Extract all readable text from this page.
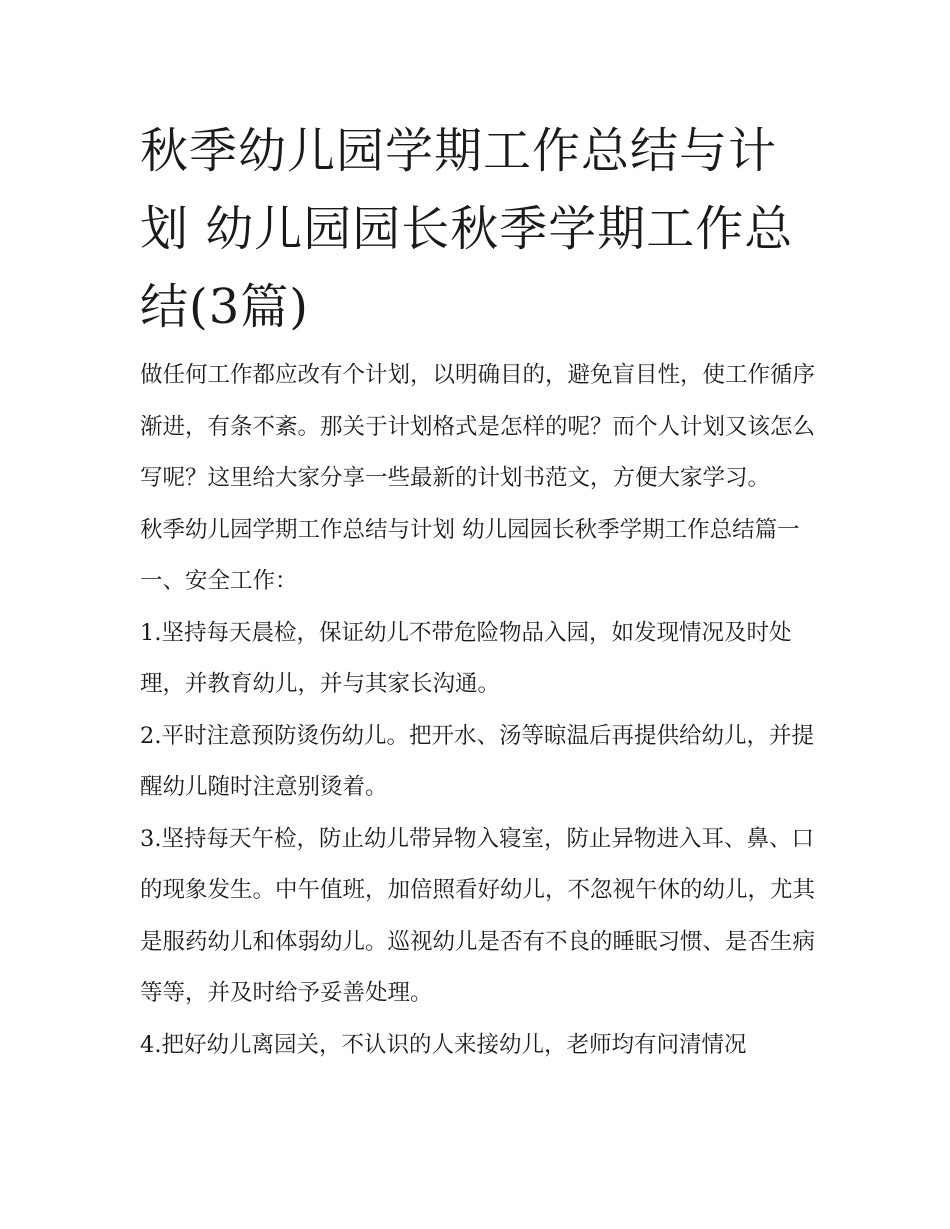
秋季幼儿园学期工作总结与计划 幼儿园园长秋季学期工作总结(3篇)

做任何工作都应改有个计划，以明确目的，避免盲目性，使工作循序渐进，有条不紊。那关于计划格式是怎样的呢？而个人计划又该怎么写呢？这里给大家分享一些最新的计划书范文，方便大家学习。

秋季幼儿园学期工作总结与计划 幼儿园园长秋季学期工作总结篇一 一、安全工作：

1.坚持每天晨检，保证幼儿不带危险物品入园，如发现情况及时处理，并教育幼儿，并与其家长沟通。

2.平时注意预防烫伤幼儿。把开水、汤等晾温后再提供给幼儿，并提醒幼儿随时注意别烫着。

3.坚持每天午检，防止幼儿带异物入寝室，防止异物进入耳、鼻、口的现象发生。中午值班，加倍照看好幼儿，不忽视午休的幼儿，尤其是服药幼儿和体弱幼儿。巡视幼儿是否有不良的睡眠习惯、是否生病等等，并及时给予妥善处理。

4.把好幼儿离园关，不认识的人来接幼儿，老师均有问清情况
